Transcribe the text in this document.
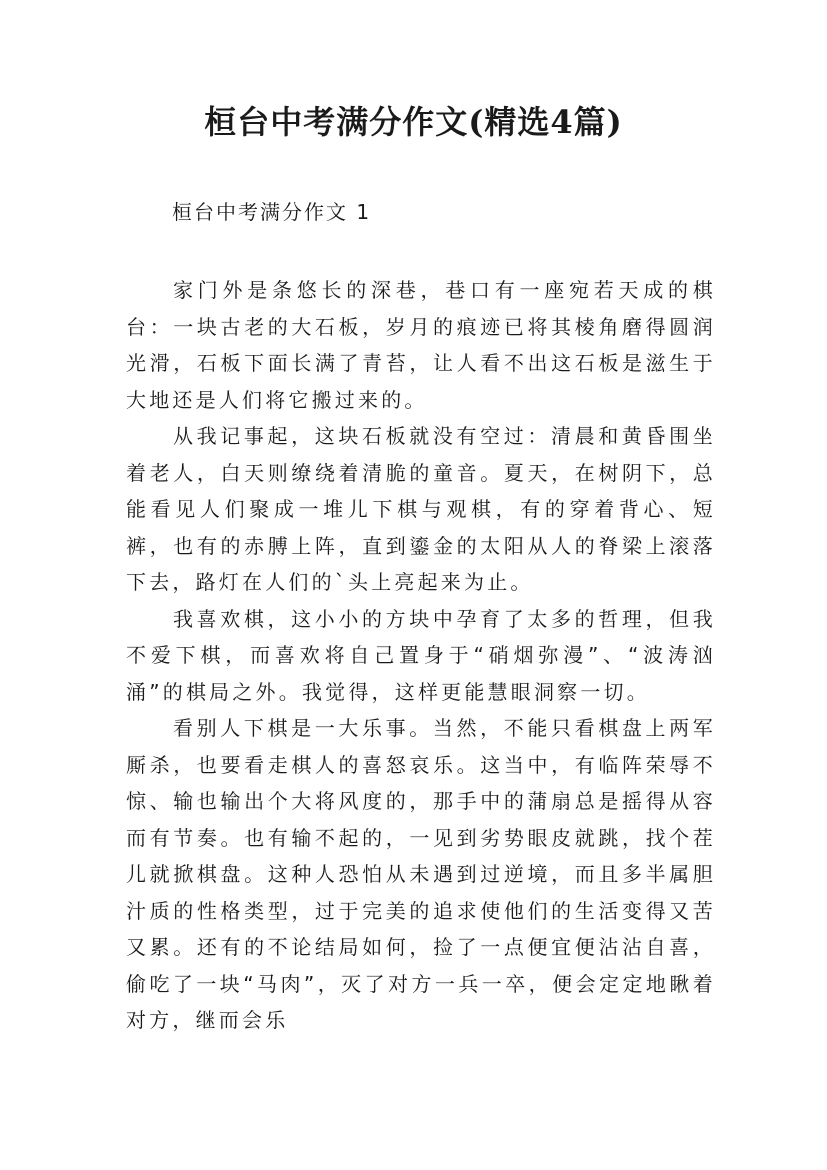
桓台中考满分作文(精选4篇)
桓台中考满分作文 1

家门外是条悠长的深巷，巷口有一座宛若天成的棋台：一块古老的大石板，岁月的痕迹已将其棱角磨得圆润光滑，石板下面长满了青苔，让人看不出这石板是滋生于大地还是人们将它搬过来的。

从我记事起，这块石板就没有空过：清晨和黄昏围坐着老人，白天则缭绕着清脆的童音。夏天，在树阴下，总能看见人们聚成一堆儿下棋与观棋，有的穿着背心、短裤，也有的赤膊上阵，直到鎏金的太阳从人的脊梁上滚落下去，路灯在人们的`头上亮起来为止。

我喜欢棋，这小小的方块中孕育了太多的哲理，但我不爱下棋，而喜欢将自己置身于“硝烟弥漫”、“波涛汹涌”的棋局之外。我觉得，这样更能慧眼洞察一切。

看别人下棋是一大乐事。当然，不能只看棋盘上两军厮杀，也要看走棋人的喜怒哀乐。这当中，有临阵荣辱不惊、输也输出个大将风度的，那手中的蒲扇总是摇得从容而有节奏。也有输不起的，一见到劣势眼皮就跳，找个茬儿就掀棋盘。这种人恐怕从未遇到过逆境，而且多半属胆汁质的性格类型，过于完美的追求使他们的生活变得又苦又累。还有的不论结局如何，捡了一点便宜便沾沾自喜，偷吃了一块“马肉”，灭了对方一兵一卒，便会定定地瞅着对方，继而会乐
